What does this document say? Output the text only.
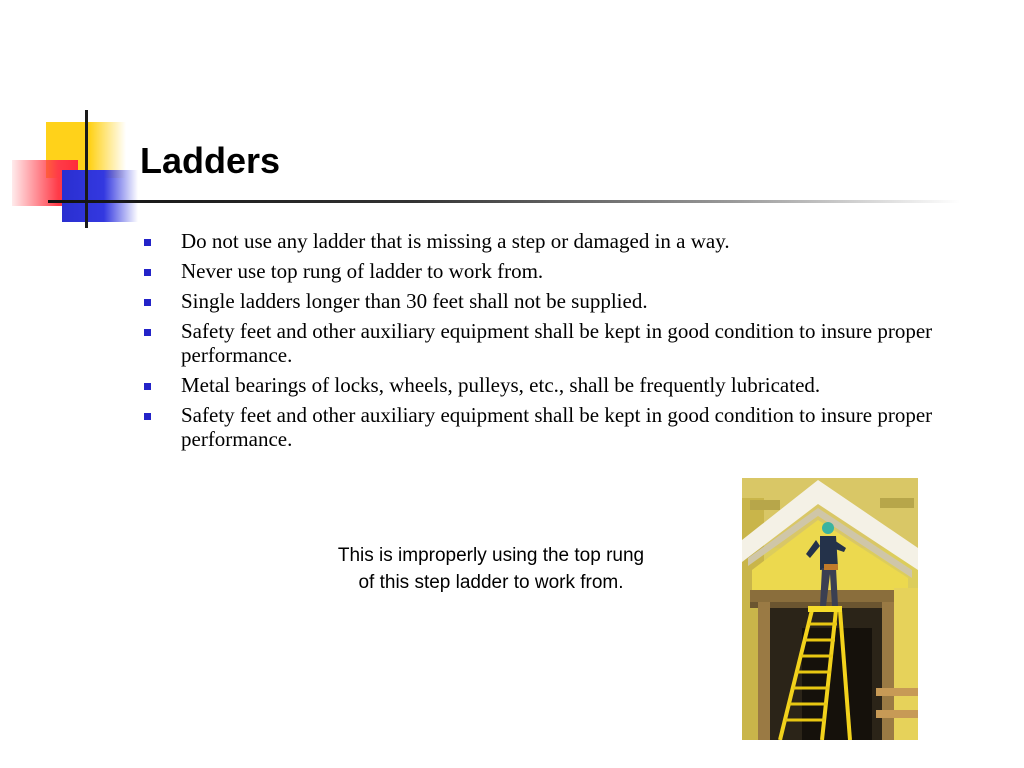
Ladders
Do not use any ladder that is missing a step or damaged in a way.
Never use top rung of ladder to work from.
Single ladders longer than 30 feet shall not be supplied.
Safety feet and other auxiliary equipment shall be kept in good condition to insure proper performance.
Metal bearings of locks, wheels, pulleys, etc., shall be frequently lubricated.
Safety feet and other auxiliary equipment shall be kept in good condition to insure proper performance.
This is improperly using the top rung
of this step ladder to work from.
